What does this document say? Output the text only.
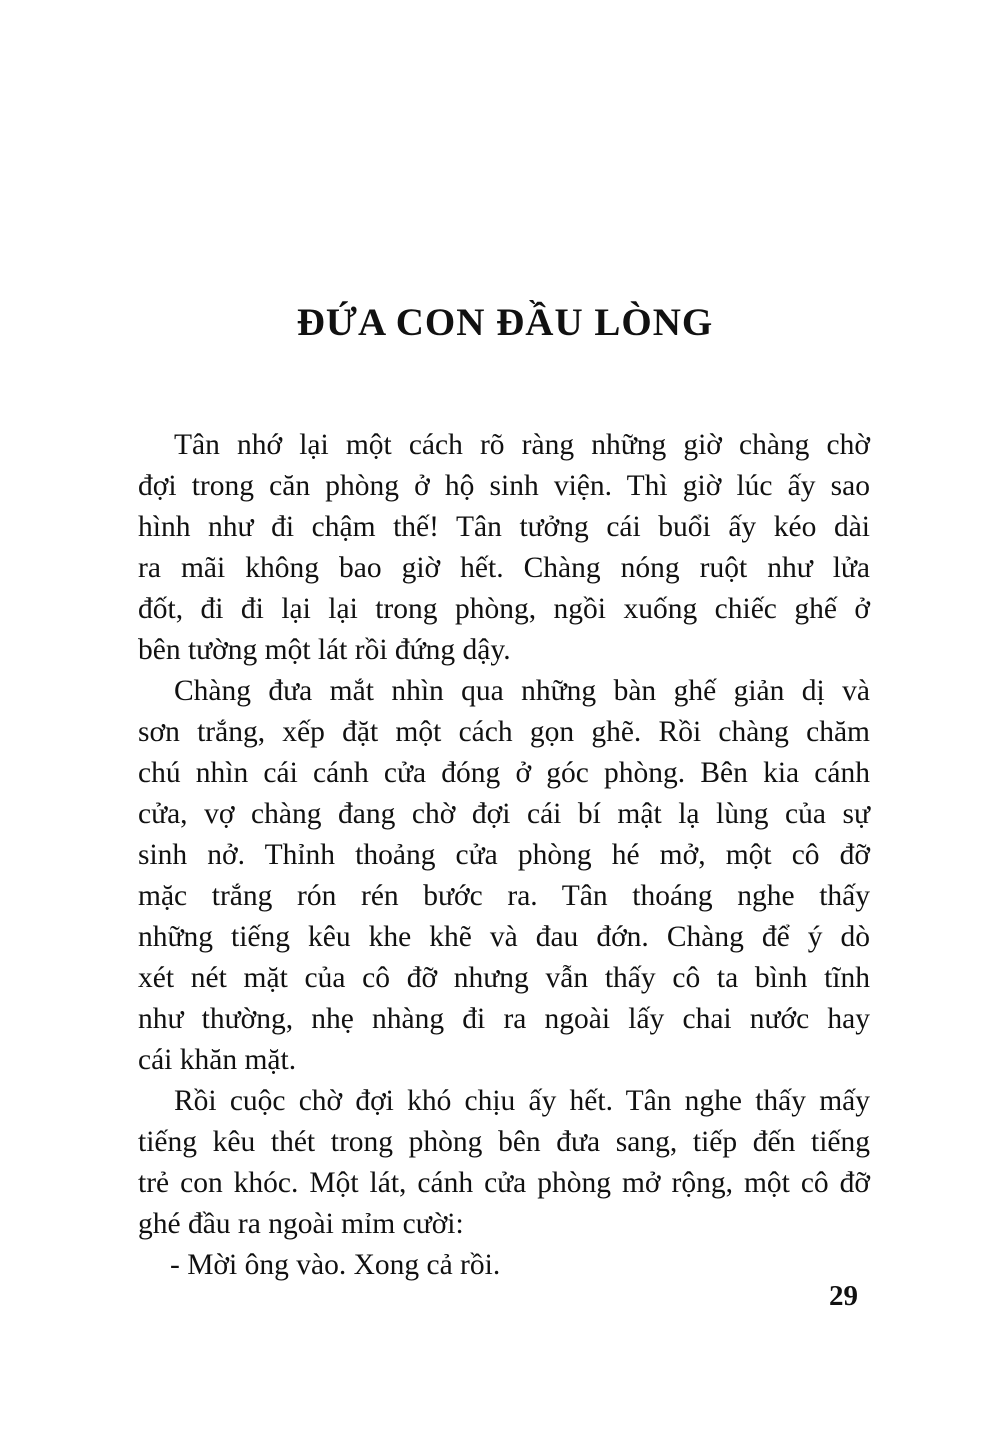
ĐỨA CON ĐẦU LÒNG
Tân nhớ lại một cách rõ ràng những giờ chàng chờ
đợi trong căn phòng ở hộ sinh viện. Thì giờ lúc ấy sao
hình như đi chậm thế! Tân tưởng cái buổi ấy kéo dài
ra mãi không bao giờ hết. Chàng nóng ruột như lửa
đốt, đi đi lại lại trong phòng, ngồi xuống chiếc ghế ở
bên tường một lát rồi đứng dậy.
Chàng đưa mắt nhìn qua những bàn ghế giản dị và
sơn trắng, xếp đặt một cách gọn ghẽ. Rồi chàng chăm
chú nhìn cái cánh cửa đóng ở góc phòng. Bên kia cánh
cửa, vợ chàng đang chờ đợi cái bí mật lạ lùng của sự
sinh nở. Thỉnh thoảng cửa phòng hé mở, một cô đỡ
mặc trắng rón rén bước ra. Tân thoáng nghe thấy
những tiếng kêu khe khẽ và đau đớn. Chàng để ý dò
xét nét mặt của cô đỡ nhưng vẫn thấy cô ta bình tĩnh
như thường, nhẹ nhàng đi ra ngoài lấy chai nước hay
cái khăn mặt.
Rồi cuộc chờ đợi khó chịu ấy hết. Tân nghe thấy mấy
tiếng kêu thét trong phòng bên đưa sang, tiếp đến tiếng
trẻ con khóc. Một lát, cánh cửa phòng mở rộng, một cô đỡ
ghé đầu ra ngoài mỉm cười:
- Mời ông vào. Xong cả rồi.
29
